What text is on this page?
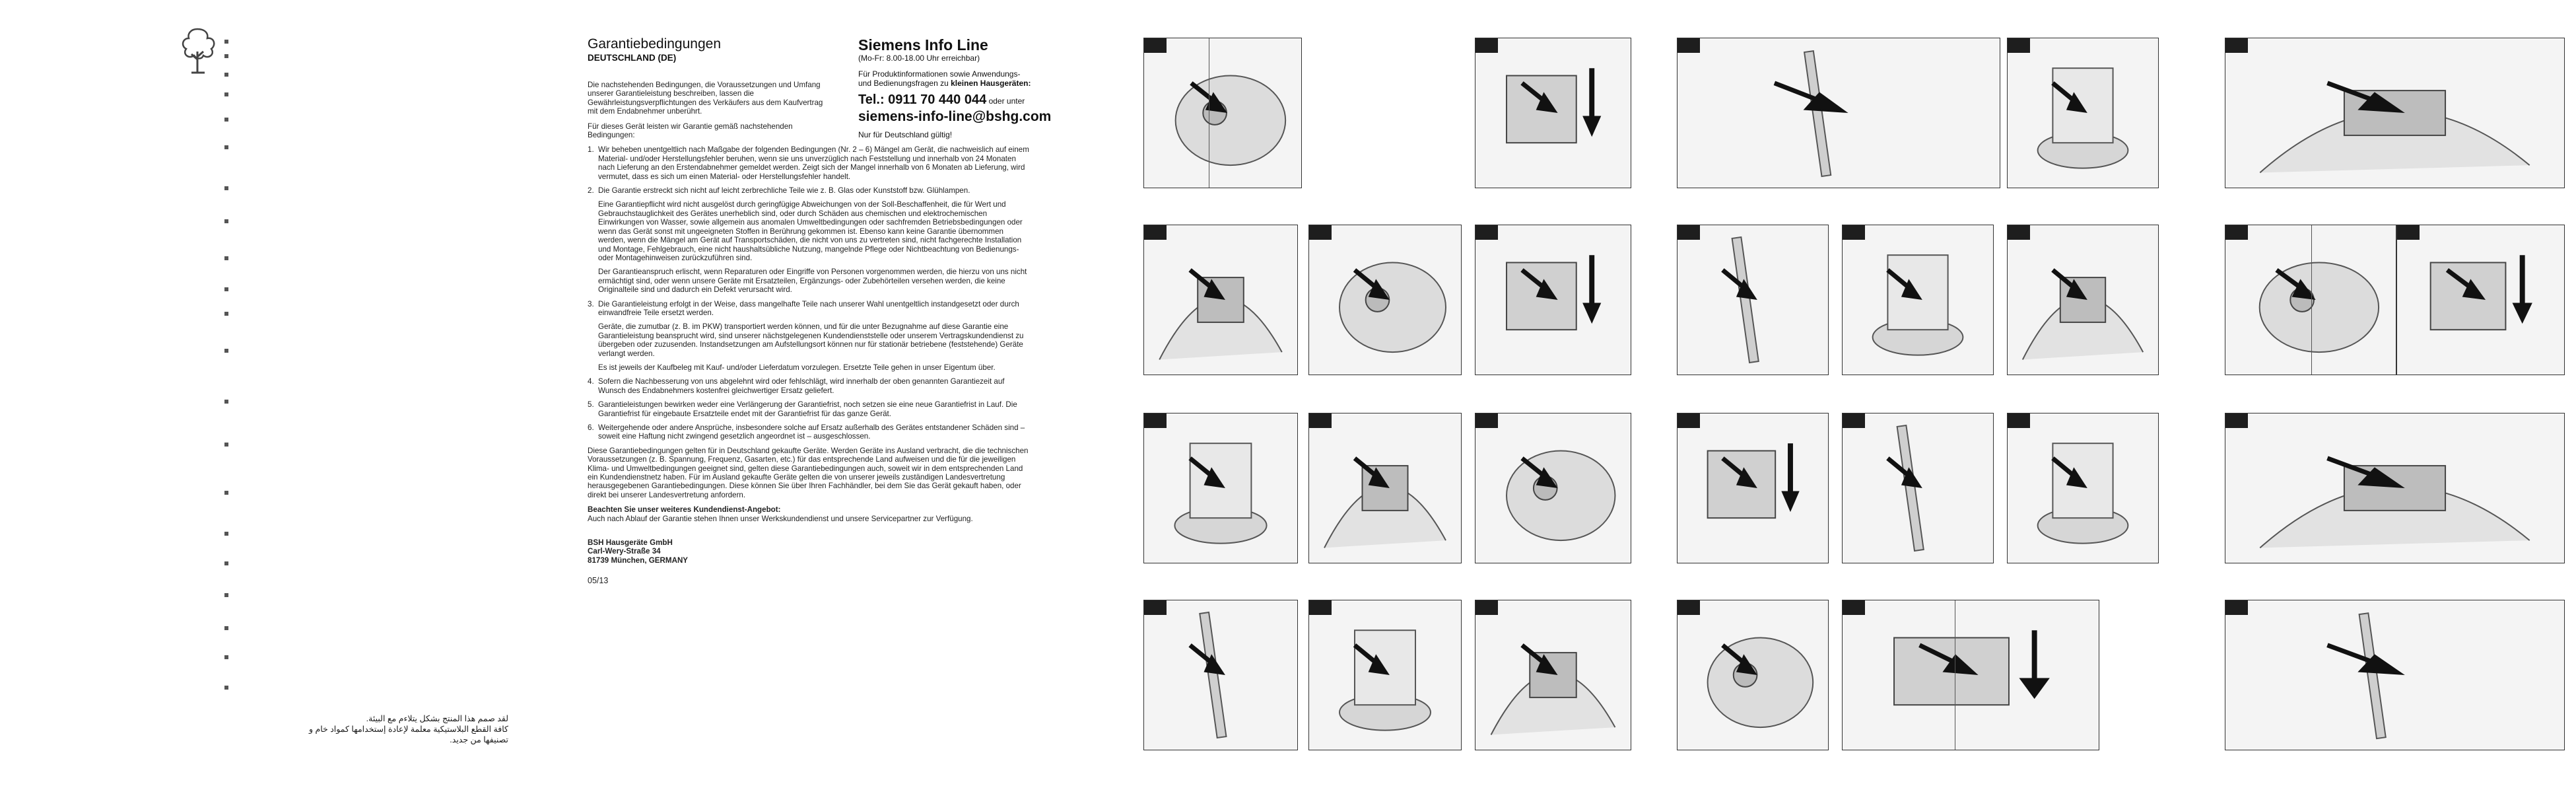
لقد صمم هذا المنتج بشكل يتلاءم مع البيئة.
كافة القطع البلاستيكية معلمة لإعادة إستخدامها كمواد خام و
تصنيفها من جديد.
Garantiebedingungen
DEUTSCHLAND (DE)

Die nachstehenden Bedingungen, die Voraussetzungen und Umfang unserer Garantieleistung beschreiben, lassen die Gewährleistungsverpflichtungen des Verkäufers aus dem Kaufvertrag mit dem Endabnehmer unberührt.

Für dieses Gerät leisten wir Garantie gemäß nachstehenden Bedingungen:

1. Wir beheben unentgeltlich nach Maßgabe der folgenden Bedingungen (Nr. 2 – 6) Mängel am Gerät, die nachweislich auf einem Material- und/oder Herstellungsfehler beruhen, wenn sie uns unverzüglich nach Feststellung und innerhalb von 24 Monaten nach Lieferung an den Erstendabnehmer gemeldet werden. Zeigt sich der Mangel innerhalb von 6 Monaten ab Lieferung, wird vermutet, dass es sich um einen Material- oder Herstellungsfehler handelt.
2. Die Garantie erstreckt sich nicht auf leicht zerbrechliche Teile wie z. B. Glas oder Kunststoff bzw. Glühlampen.
Eine Garantiepflicht wird nicht ausgelöst durch geringfügige Abweichungen von der Soll-Beschaffenheit, die für Wert und Gebrauchstauglichkeit des Gerätes unerheblich sind, oder durch Schäden aus chemischen und elektrochemischen Einwirkungen von Wasser, sowie allgemein aus anomalen Umweltbedingungen oder sachfremden Betriebsbedingungen oder wenn das Gerät sonst mit ungeeigneten Stoffen in Berührung gekommen ist. Ebenso kann keine Garantie übernommen werden, wenn die Mängel am Gerät auf Transportschäden, die nicht von uns zu vertreten sind, nicht fachgerechte Installation und Montage, Fehlgebrauch, eine nicht haushaltsübliche Nutzung, mangelnde Pflege oder Nichtbeachtung von Bedienungs- oder Montagehinweisen zurückzuführen sind.
Der Garantieanspruch erlischt, wenn Reparaturen oder Eingriffe von Personen vorgenommen werden, die hierzu von uns nicht ermächtigt sind, oder wenn unsere Geräte mit Ersatzteilen, Ergänzungs- oder Zubehörteilen versehen werden, die keine Originalteile sind und dadurch ein Defekt verursacht wird.
3. Die Garantieleistung erfolgt in der Weise, dass mangelhafte Teile nach unserer Wahl unentgeltlich instandgesetzt oder durch einwandfreie Teile ersetzt werden.
Geräte, die zumutbar (z. B. im PKW) transportiert werden können, und für die unter Bezugnahme auf diese Garantie eine Garantieleistung beansprucht wird, sind unserer nächstgelegenen Kundendienststelle oder unserem Vertragskundendienst zu übergeben oder zuzusenden. Instandsetzungen am Aufstellungsort können nur für stationär betriebene (feststehende) Geräte verlangt werden.
Es ist jeweils der Kaufbeleg mit Kauf- und/oder Lieferdatum vorzulegen. Ersetzte Teile gehen in unser Eigentum über.
4. Sofern die Nachbesserung von uns abgelehnt wird oder fehlschlägt, wird innerhalb der oben genannten Garantiezeit auf Wunsch des Endabnehmers kostenfrei gleichwertiger Ersatz geliefert.
5. Garantieleistungen bewirken weder eine Verlängerung der Garantiefrist, noch setzen sie eine neue Garantiefrist in Lauf. Die Garantiefrist für eingebaute Ersatzteile endet mit der Garantiefrist für das ganze Gerät.
6. Weitergehende oder andere Ansprüche, insbesondere solche auf Ersatz außerhalb des Gerätes entstandener Schäden sind – soweit eine Haftung nicht zwingend gesetzlich angeordnet ist – ausgeschlossen.

Diese Garantiebedingungen gelten für in Deutschland gekaufte Geräte. Werden Geräte ins Ausland verbracht, die die technischen Voraussetzungen (z. B. Spannung, Frequenz, Gasarten, etc.) für das entsprechende Land aufweisen und die für die jeweiligen Klima- und Umweltbedingungen geeignet sind, gelten diese Garantiebedingungen auch, soweit wir in dem entsprechenden Land ein Kundendienstnetz haben. Für im Ausland gekaufte Geräte gelten die von unserer jeweils zuständigen Landesvertretung herausgegebenen Garantiebedingungen. Diese können Sie über Ihren Fachhändler, bei dem Sie das Gerät gekauft haben, oder direkt bei unserer Landesvertretung anfordern.

Beachten Sie unser weiteres Kundendienst-Angebot:

Auch nach Ablauf der Garantie stehen Ihnen unser Werkskundendienst und unsere Servicepartner zur Verfügung.

BSH Hausgeräte GmbH
Carl-Wery-Straße 34
81739 München, GERMANY
05/13
Siemens Info Line
(Mo-Fr: 8.00-18.00 Uhr erreichbar)
Für Produktinformationen sowie Anwendungs-
und Bedienungsfragen zu kleinen Hausgeräten:
Tel.: 0911 70 440 044 oder unter
siemens-info-line@bshg.com
Nur für Deutschland gültig!
